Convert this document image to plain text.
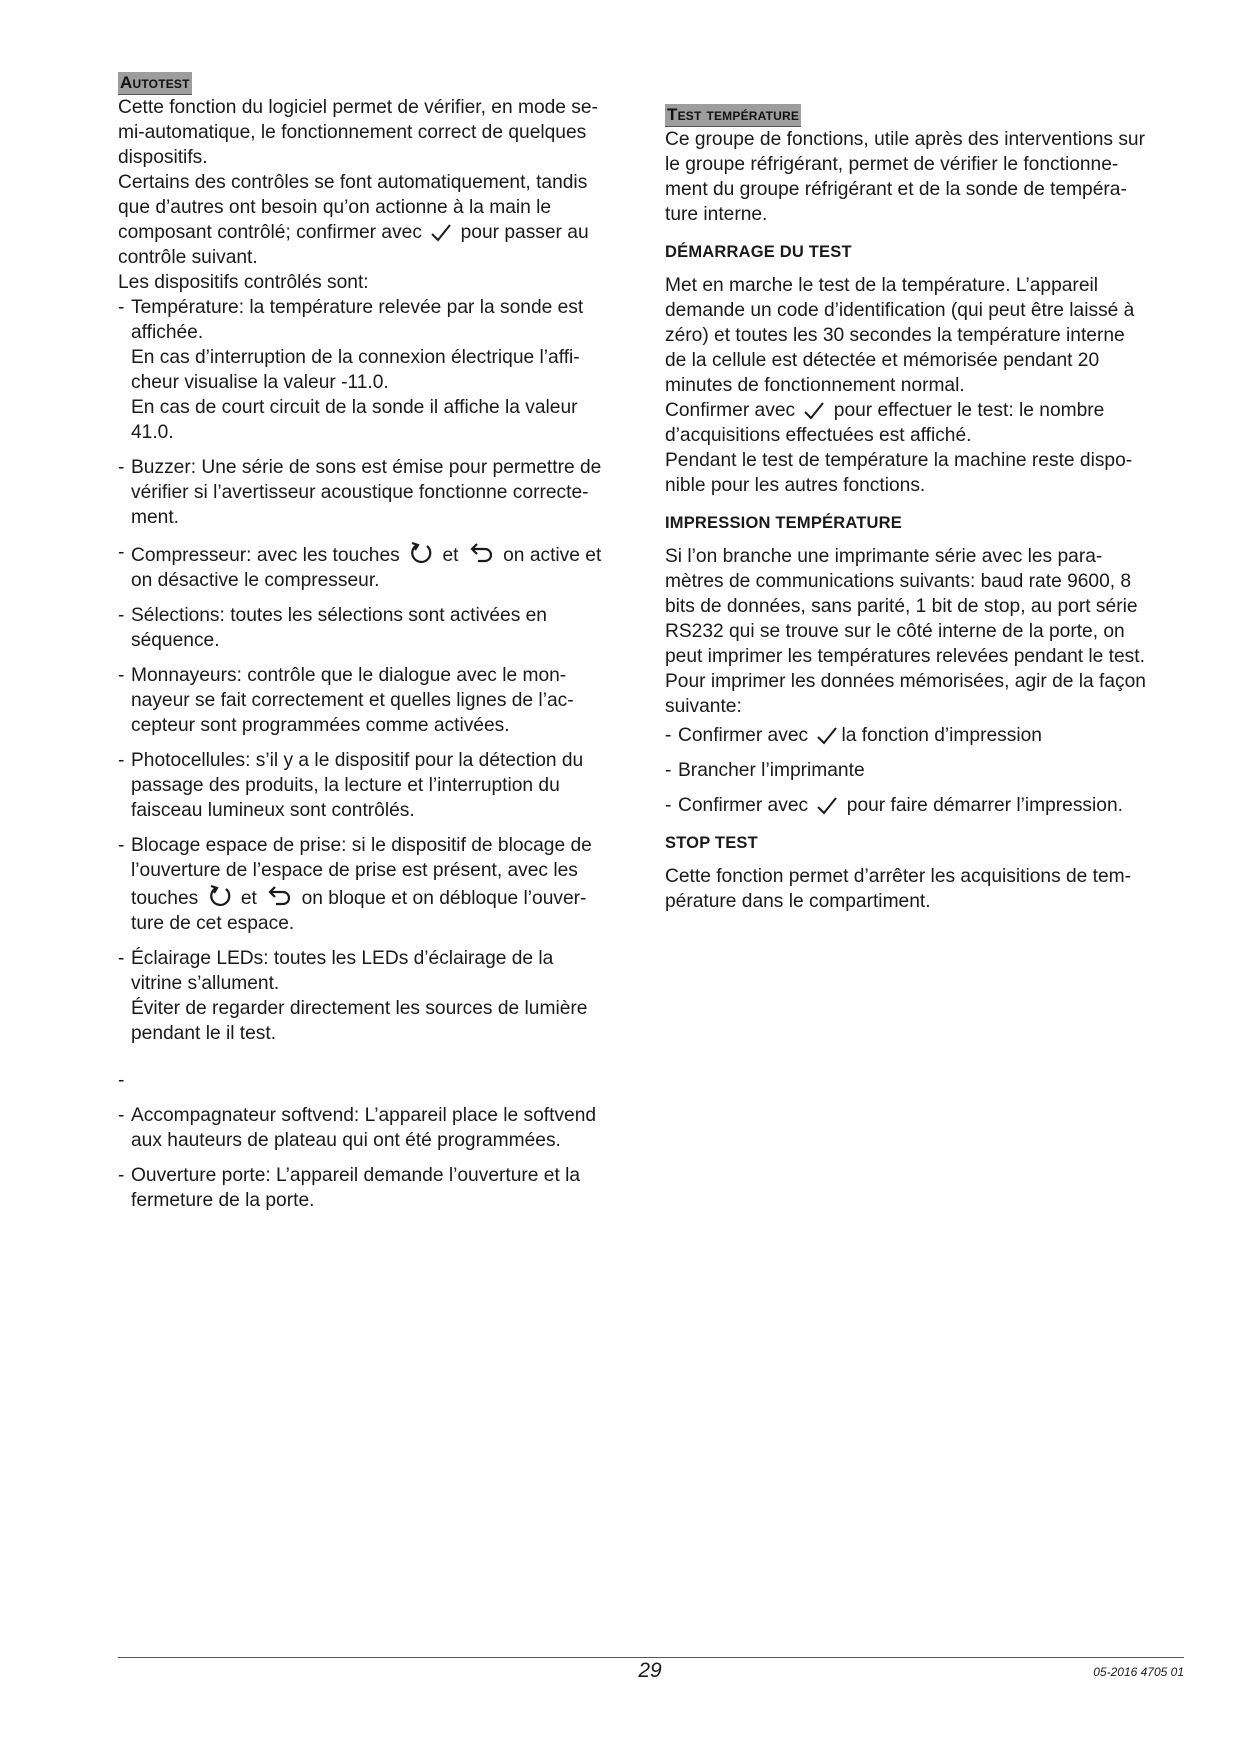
Autotest

Cette fonction du logiciel permet de vérifier, en mode se-
mi-automatique, le fonctionnement correct de quelques
dispositifs.
Certains des contrôles se font automatiquement, tandis
que d’autres ont besoin qu’on actionne à la main le
composant contrôlé; confirmer avec pour passer au
contrôle suivant.
Les dispositifs contrôlés sont:

- Température: la température relevée par la sonde est
affichée.
En cas d’interruption de la connexion électrique l’affi-
cheur visualise la valeur -11.0.
En cas de court circuit de la sonde il affiche la valeur
41.0.
- Buzzer: Une série de sons est émise pour permettre de
vérifier si l’avertisseur acoustique fonctionne correcte-
ment.
- Compresseur: avec les touches et on active et
on désactive le compresseur.
- Sélections: toutes les sélections sont activées en
séquence.
- Monnayeurs: contrôle que le dialogue avec le mon-
nayeur se fait correctement et quelles lignes de l’ac-
cepteur sont programmées comme activées.
- Photocellules: s’il y a le dispositif pour la détection du
passage des produits, la lecture et l’interruption du
faisceau lumineux sont contrôlés.
- Blocage espace de prise: si le dispositif de blocage de
l’ouverture de l’espace de prise est présent, avec les
touches et on bloque et on débloque l’ouver-
ture de cet espace.
- Éclairage LEDs: toutes les LEDs d’éclairage de la
vitrine s’allument.
Éviter de regarder directement les sources de lumière
pendant le il test.
-

- Accompagnateur softvend: L’appareil place le softvend
aux hauteurs de plateau qui ont été programmées.
- Ouverture porte: L’appareil demande l’ouverture et la
fermeture de la porte.
Test température

Ce groupe de fonctions, utile après des interventions sur
le groupe réfrigérant, permet de vérifier le fonctionne-
ment du groupe réfrigérant et de la sonde de tempéra-
ture interne.

DÉMARRAGE DU TEST

Met en marche le test de la température. L’appareil
demande un code d’identification (qui peut être laissé à
zéro) et toutes les 30 secondes la température interne
de la cellule est détectée et mémorisée pendant 20
minutes de fonctionnement normal.
Confirmer avec pour effectuer le test: le nombre
d’acquisitions effectuées est affiché.
Pendant le test de température la machine reste dispo-
nible pour les autres fonctions.

IMPRESSION TEMPÉRATURE

Si l’on branche une imprimante série avec les para-
mètres de communications suivants: baud rate 9600, 8
bits de données, sans parité, 1 bit de stop, au port série
RS232 qui se trouve sur le côté interne de la porte, on
peut imprimer les températures relevées pendant le test.
Pour imprimer les données mémorisées, agir de la façon
suivante:

- Confirmer avec la fonction d’impression
- Brancher l’imprimante
- Confirmer avec pour faire démarrer l’impression.
STOP TEST

Cette fonction permet d’arrêter les acquisitions de tem-
pérature dans le compartiment.

29	05-2016 4705 01
